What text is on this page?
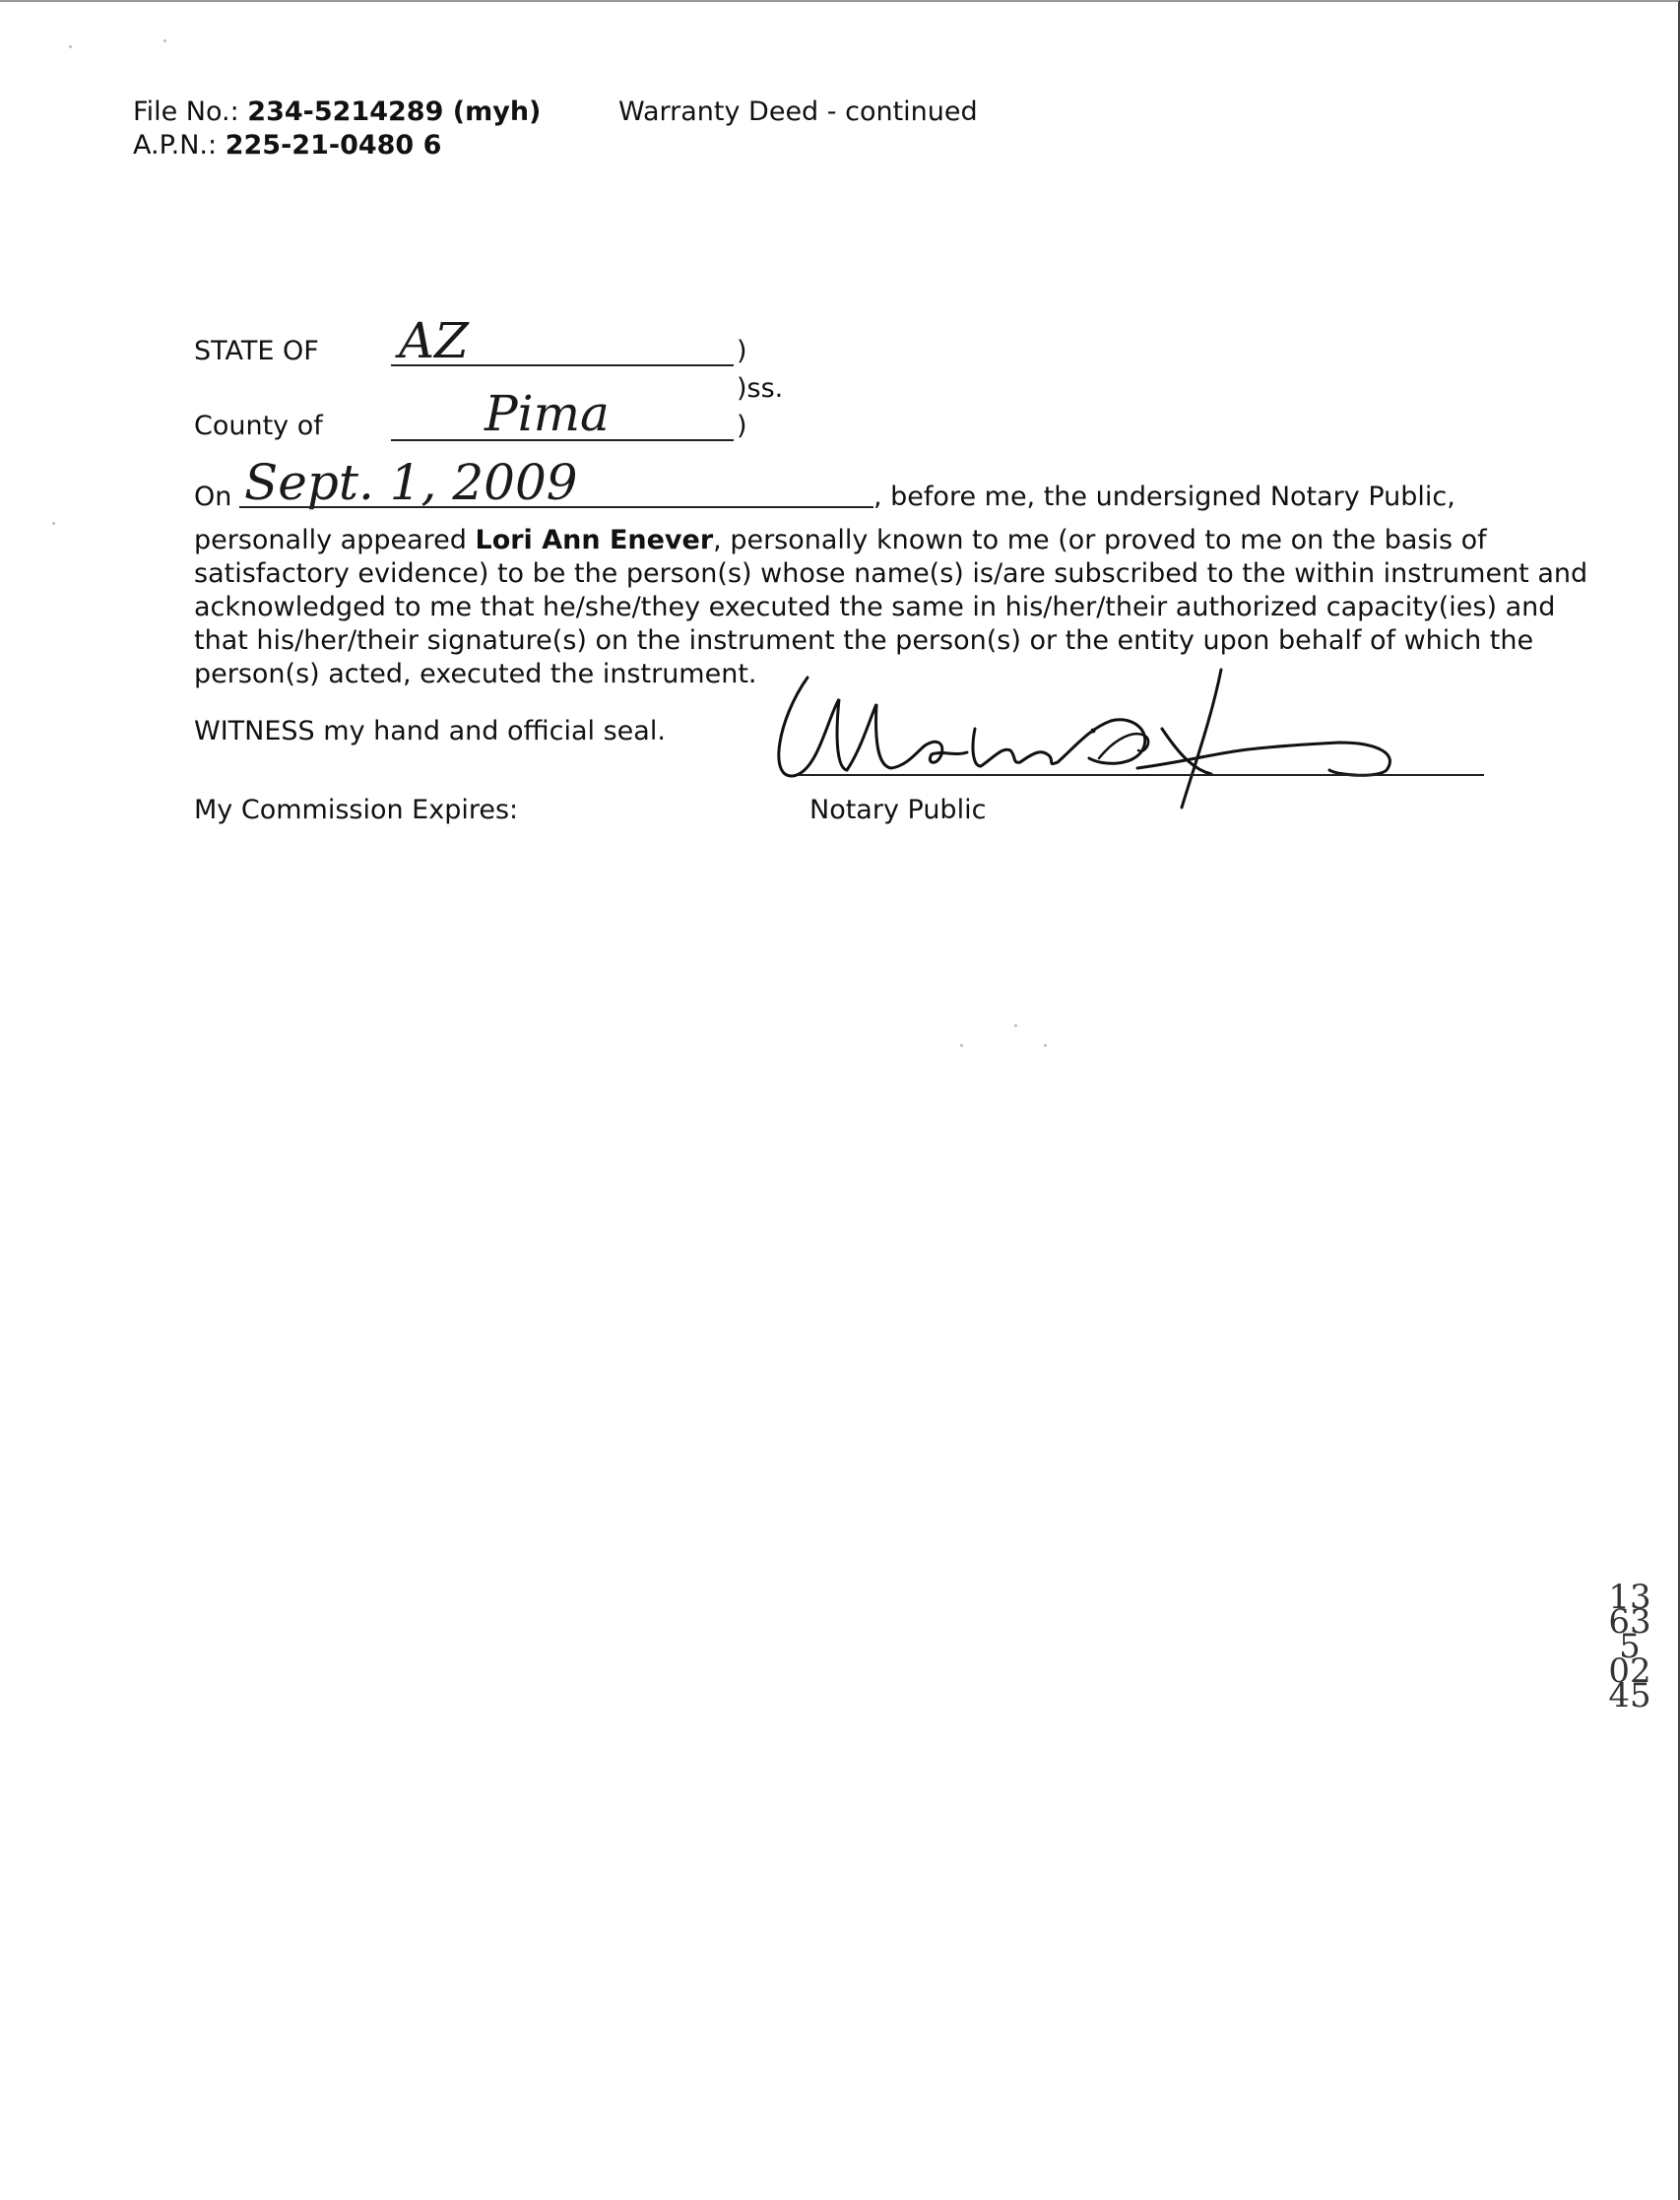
File No.: 234-5214289 (myh)
A.P.N.: 225-21-0480 6
Warranty Deed - continued
STATE OF AZ	)
)ss.
County of	Pima	)
On Sept. 1, 2009	, before me, the undersigned Notary Public,

personally appeared Lori Ann Enever, personally known to me (or proved to me on the basis of

satisfactory evidence) to be the person(s) whose name(s) is/are subscribed to the within instrument and

acknowledged to me that he/she/they executed the same in his/her/their authorized capacity(ies) and

that his/her/their signature(s) on the instrument the person(s) or the entity upon behalf of which the

person(s) acted, executed the instrument.

WITNESS my hand and official seal.
My Commission Expires:	Notary Public
13635 0245
